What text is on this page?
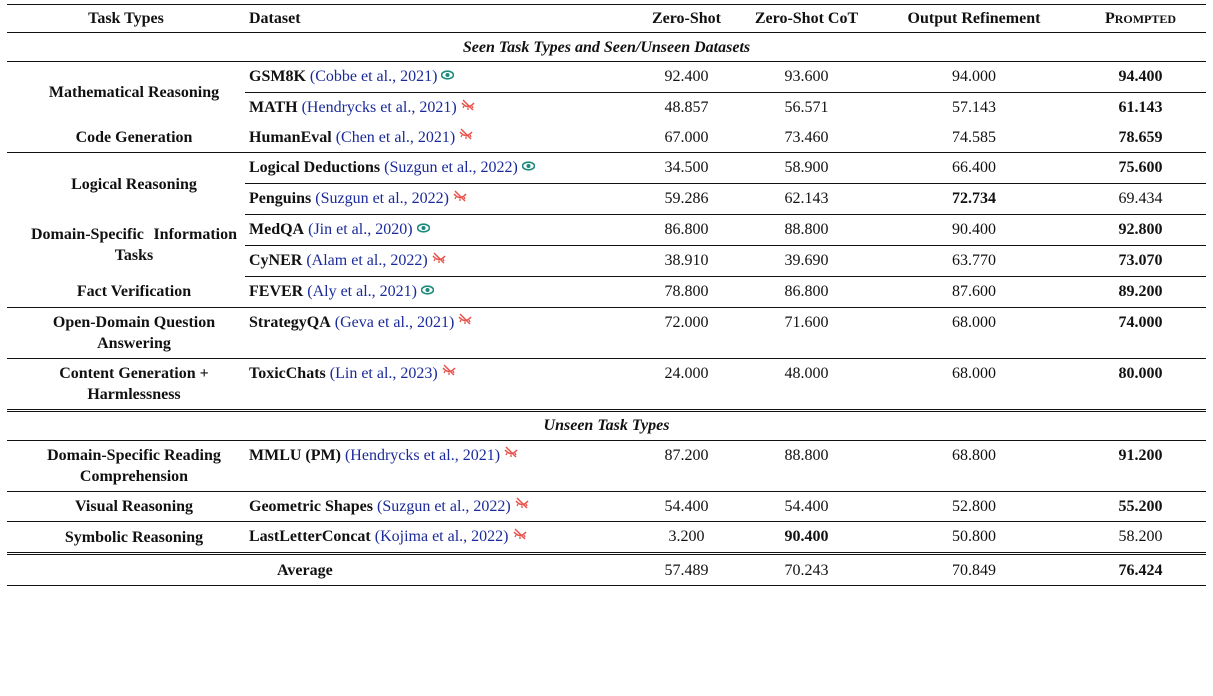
Task Types	Dataset	Zero-Shot	Zero-Shot CoT	Output Refinement	PROMPTED
Seen Task Types and Seen/Unseen Datasets					
Mathematical Reasoning	GSM8K (Cobbe et al., 2021)	92.400	93.600	94.000	94.400
	MATH (Hendrycks et al., 2021)	48.857	56.571	57.143	61.143
Code Generation	HumanEval (Chen et al., 2021)	67.000	73.460	74.585	78.659
Logical Reasoning	Logical Deductions (Suzgun et al., 2022)	34.500	58.900	66.400	75.600
	Penguins (Suzgun et al., 2022)	59.286	62.143	72.734	69.434
Domain-Specific Information Tasks	MedQA (Jin et al., 2020)	86.800	88.800	90.400	92.800
	CyNER (Alam et al., 2022)	38.910	39.690	63.770	73.070
Fact Verification	FEVER (Aly et al., 2021)	78.800	86.800	87.600	89.200
Open-Domain Question Answering	StrategyQA (Geva et al., 2021)	72.000	71.600	68.000	74.000
Content Generation + Harmlessness	ToxicChats (Lin et al., 2023)	24.000	48.000	68.000	80.000
Unseen Task Types					
Domain-Specific Reading Comprehension	MMLU (PM) (Hendrycks et al., 2021)	87.200	88.800	68.800	91.200
Visual Reasoning	Geometric Shapes (Suzgun et al., 2022)	54.400	54.400	52.800	55.200
Symbolic Reasoning	LastLetterConcat (Kojima et al., 2022)	3.200	90.400	50.800	58.200
Average		57.489	70.243	70.849	76.424
